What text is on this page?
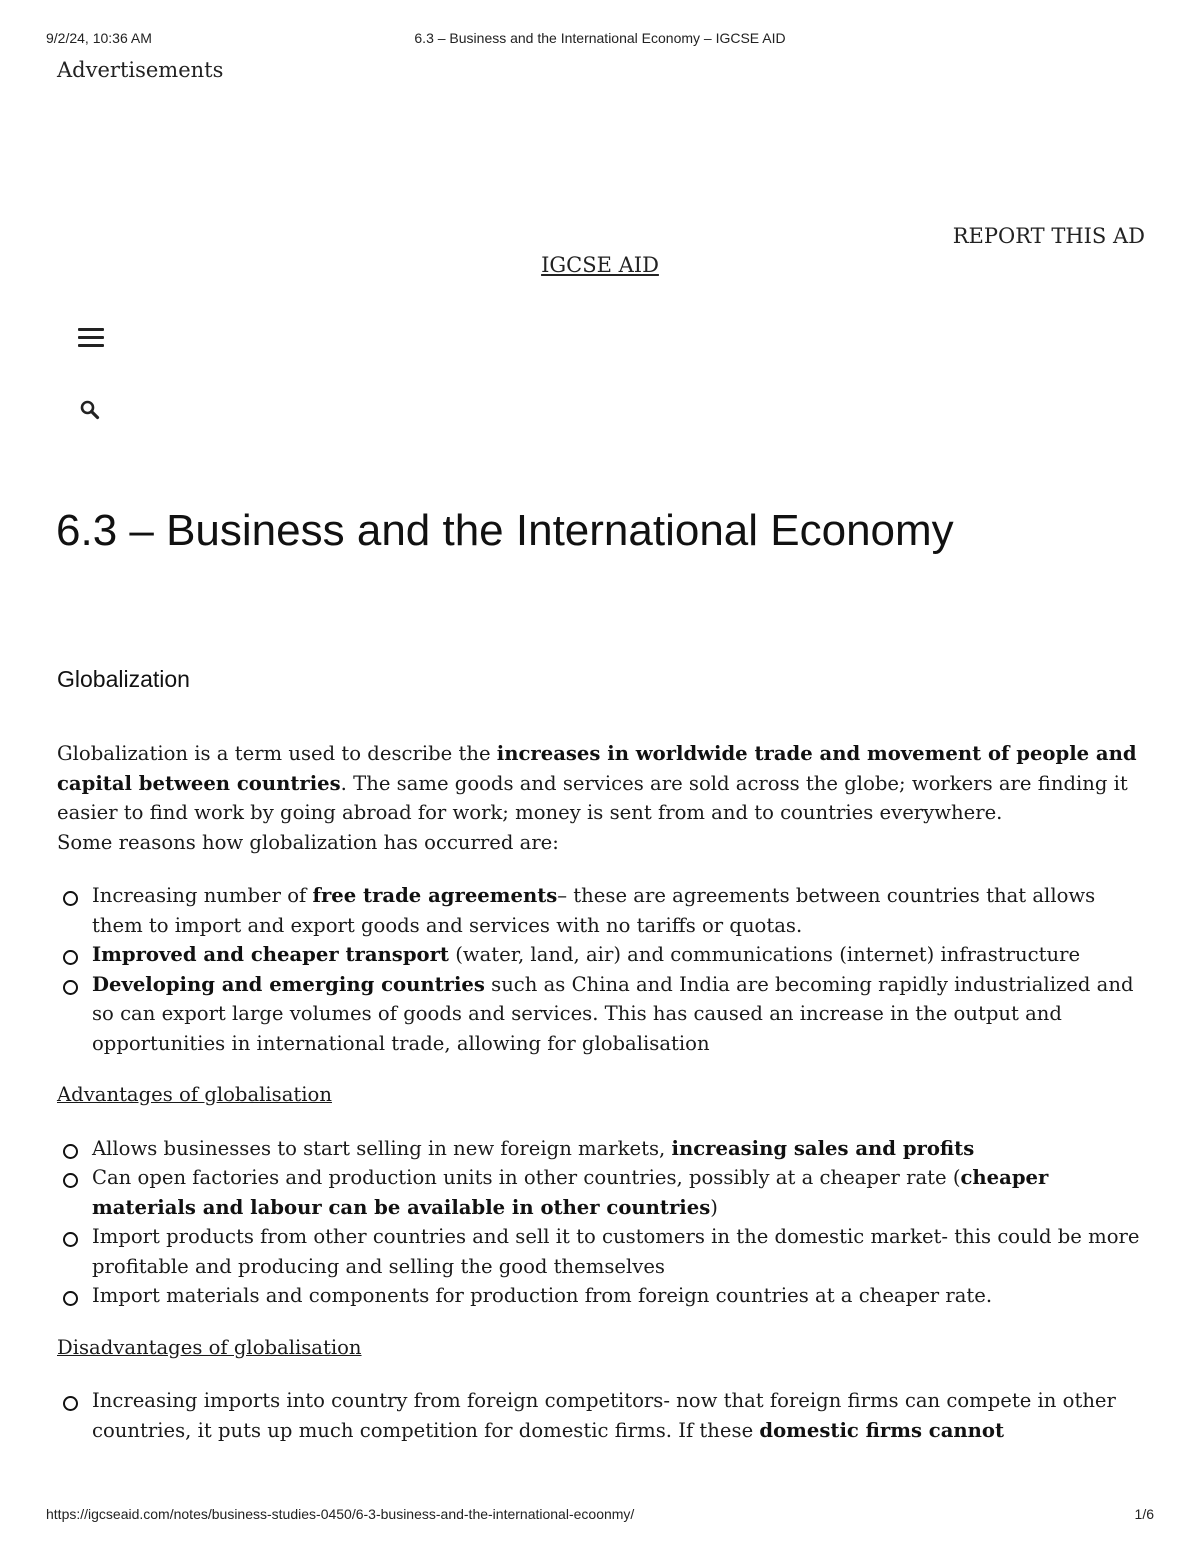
9/2/24, 10:36 AM	6.3 – Business and the International Economy – IGCSE AID
Advertisements
REPORT THIS AD
IGCSE AID
6.3 – Business and the International Economy
Globalization

Globalization is a term used to describe the increases in worldwide trade and movement of people and capital between countries. The same goods and services are sold across the globe; workers are finding it easier to find work by going abroad for work; money is sent from and to countries everywhere.

Some reasons how globalization has occurred are:

Increasing number of free trade agreements– these are agreements between countries that allows them to import and export goods and services with no tariffs or quotas.
Improved and cheaper transport (water, land, air) and communications (internet) infrastructure
Developing and emerging countries such as China and India are becoming rapidly industrialized and so can export large volumes of goods and services. This has caused an increase in the output and opportunities in international trade, allowing for globalisation
Advantages of globalisation
Allows businesses to start selling in new foreign markets, increasing sales and profits
Can open factories and production units in other countries, possibly at a cheaper rate (cheaper materials and labour can be available in other countries)
Import products from other countries and sell it to customers in the domestic market- this could be more profitable and producing and selling the good themselves
Import materials and components for production from foreign countries at a cheaper rate.
Disadvantages of globalisation
Increasing imports into country from foreign competitors- now that foreign firms can compete in other countries, it puts up much competition for domestic firms. If these domestic firms cannot
https://igcseaid.com/notes/business-studies-0450/6-3-business-and-the-international-ecoonmy/	1/6
